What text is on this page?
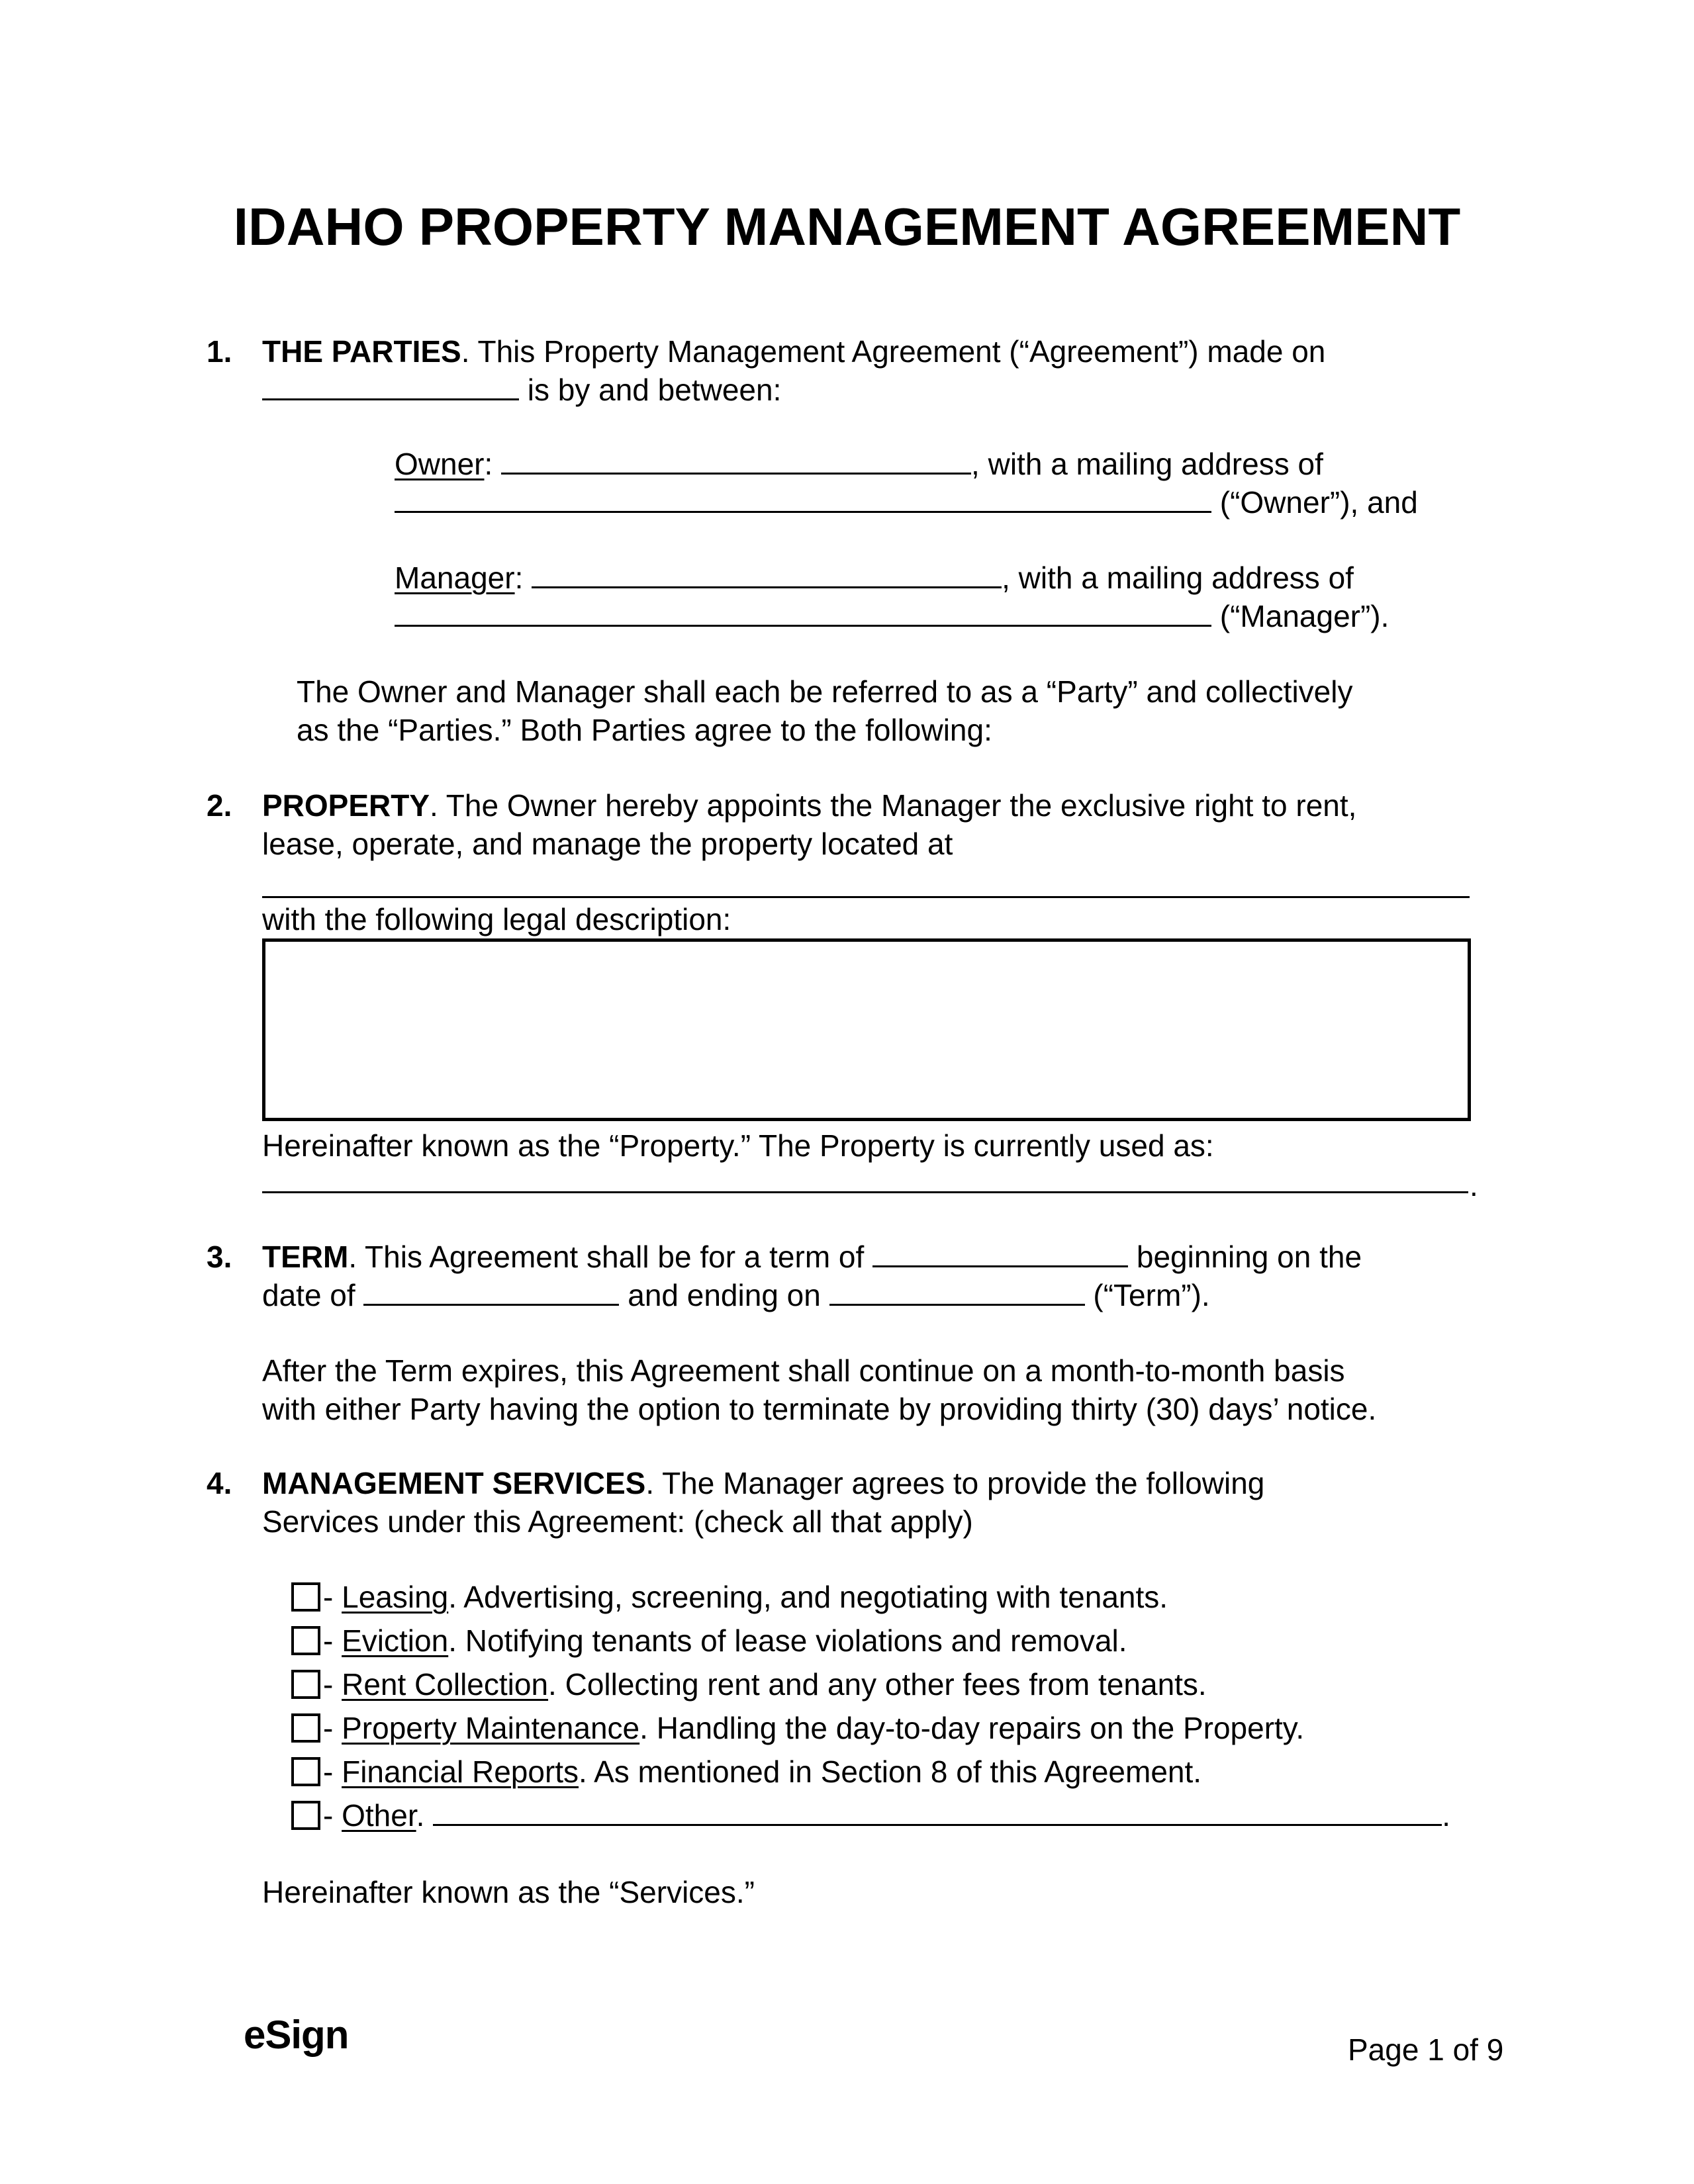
IDAHO PROPERTY MANAGEMENT AGREEMENT
1. THE PARTIES. This Property Management Agreement (“Agreement”) made on
is by and between:
Owner:	, with a mailing address of
(“Owner”), and
Manager:	, with a mailing address of
(“Manager”).
The Owner and Manager shall each be referred to as a “Party” and collectively
as the “Parties.” Both Parties agree to the following:
2. PROPERTY. The Owner hereby appoints the Manager the exclusive right to rent,
lease, operate, and manage the property located at
with the following legal description:
Hereinafter known as the “Property.” The Property is currently used as:
.
3. TERM. This Agreement shall be for a term of	beginning on the
date of	and ending on	(“Term”).
After the Term expires, this Agreement shall continue on a month-to-month basis
with either Party having the option to terminate by providing thirty (30) days’ notice.
4. MANAGEMENT SERVICES. The Manager agrees to provide the following
Services under this Agreement: (check all that apply)
- Leasing. Advertising, screening, and negotiating with tenants.
- Eviction. Notifying tenants of lease violations and removal.
- Rent Collection. Collecting rent and any other fees from tenants.
- Property Maintenance. Handling the day-to-day repairs on the Property.
- Financial Reports. As mentioned in Section 8 of this Agreement.
- Other.	.
Hereinafter known as the “Services.”
eSign	Page 1 of 9
